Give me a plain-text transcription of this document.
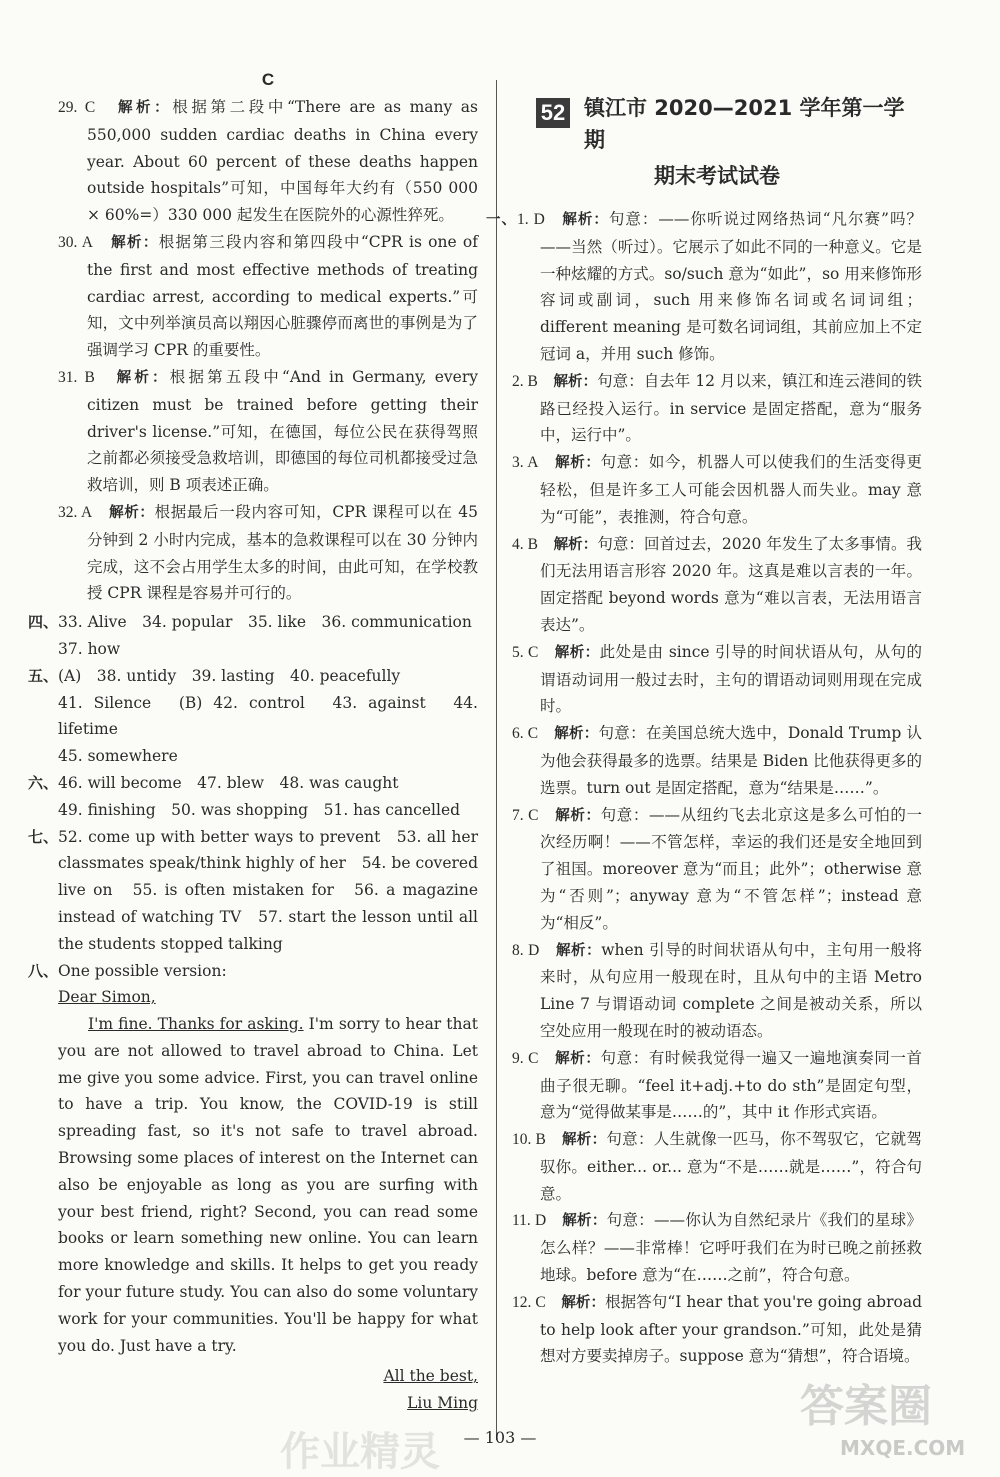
C

29. C　 解析：根据第二段中“There are as many as 550,000 sudden cardiac deaths in China every year. About 60 percent of these deaths happen outside hospitals”可知，中国每年大约有（550 000 × 60%=）330 000 起发生在医院外的心源性猝死。

30. A　 解析：根据第三段内容和第四段中“CPR is one of the first and most effective methods of treating cardiac arrest, according to medical experts.”可知，文中列举演员高以翔因心脏骤停而离世的事例是为了强调学习 CPR 的重要性。

31. B　 解析：根据第五段中“And in Germany, every citizen must be trained before getting their driver's license.”可知，在德国，每位公民在获得驾照之前都必须接受急救培训，即德国的每位司机都接受过急救培训，则 B 项表述正确。

32. A　 解析：根据最后一段内容可知，CPR 课程可以在 45 分钟到 2 小时内完成，基本的急救课程可以在 30 分钟内完成，这不会占用学生太多的时间，由此可知，在学校教授 CPR 课程是容易并可行的。

四、33. Alive　34. popular　35. like　36. communication

37. how

五、(A)　38. untidy　39. lasting　40. peacefully

41. Silence　(B) 42. control　43. against　44. lifetime

45. somewhere

六、46. will become　47. blew　48. was caught

49. finishing　50. was shopping　51. has cancelled

七、52. come up with better ways to prevent　53. all her classmates speak/think highly of her　54. be covered live on　55. is often mistaken for　56. a magazine instead of watching TV　57. start the lesson until all the students stopped talking

八、One possible version:

Dear Simon,

I'm fine. Thanks for asking. I'm sorry to hear that you are not allowed to travel abroad to China. Let me give you some advice. First, you can travel online to have a trip. You know, the COVID-19 is still spreading fast, so it's not safe to travel abroad. Browsing some places of interest on the Internet can also be enjoyable as long as you are surfing with your best friend, right? Second, you can read some books or learn something new online. You can learn more knowledge and skills. It helps to get you ready for your future study. You can also do some voluntary work for your communities. You'll be happy for what you do. Just have a try.

All the best,

Liu Ming

52 镇江市 2020—2021 学年第一学期
期末考试试卷

一、1. D　 解析：句意：——你听说过网络热词“凡尔赛”吗？——当然（听过）。它展示了如此不同的一种意义。它是一种炫耀的方式。so/such 意为“如此”，so 用来修饰形容词或副词，such 用来修饰名词或名词词组；different meaning 是可数名词词组，其前应加上不定冠词 a，并用 such 修饰。

2. B　 解析：句意：自去年 12 月以来，镇江和连云港间的铁路已经投入运行。in service 是固定搭配，意为“服务中，运行中”。

3. A　 解析：句意：如今，机器人可以使我们的生活变得更轻松，但是许多工人可能会因机器人而失业。may 意为“可能”，表推测，符合句意。

4. B　 解析：句意：回首过去，2020 年发生了太多事情。我们无法用语言形容 2020 年。这真是难以言表的一年。固定搭配 beyond words 意为“难以言表，无法用语言表达”。

5. C　 解析：此处是由 since 引导的时间状语从句，从句的谓语动词用一般过去时，主句的谓语动词则用现在完成时。

6. C　 解析：句意：在美国总统大选中，Donald Trump 认为他会获得最多的选票。结果是 Biden 比他获得更多的选票。turn out 是固定搭配，意为“结果是……”。

7. C　 解析：句意：——从纽约飞去北京这是多么可怕的一次经历啊！——不管怎样，幸运的我们还是安全地回到了祖国。moreover 意为“而且；此外”；otherwise 意为“否则”；anyway 意为“不管怎样”；instead 意为“相反”。

8. D　 解析：when 引导的时间状语从句中，主句用一般将来时，从句应用一般现在时，且从句中的主语 Metro Line 7 与谓语动词 complete 之间是被动关系，所以空处应用一般现在时的被动语态。

9. C　 解析：句意：有时候我觉得一遍又一遍地演奏同一首曲子很无聊。“feel it+adj.+to do sth”是固定句型，意为“觉得做某事是……的”，其中 it 作形式宾语。

10. B　 解析：句意：人生就像一匹马，你不驾驭它，它就驾驭你。either... or... 意为“不是……就是……”，符合句意。

11. D　 解析：句意：——你认为自然纪录片《我们的星球》怎么样？——非常棒！它呼吁我们在为时已晚之前拯救地球。before 意为“在……之前”，符合句意。

12. C　 解析：根据答句“I hear that you're going abroad to help look after your grandson.”可知，此处是猜想对方要卖掉房子。suppose 意为“猜想”，符合语境。

— 103 —
答案圈
MXQE.COM
作业精灵
